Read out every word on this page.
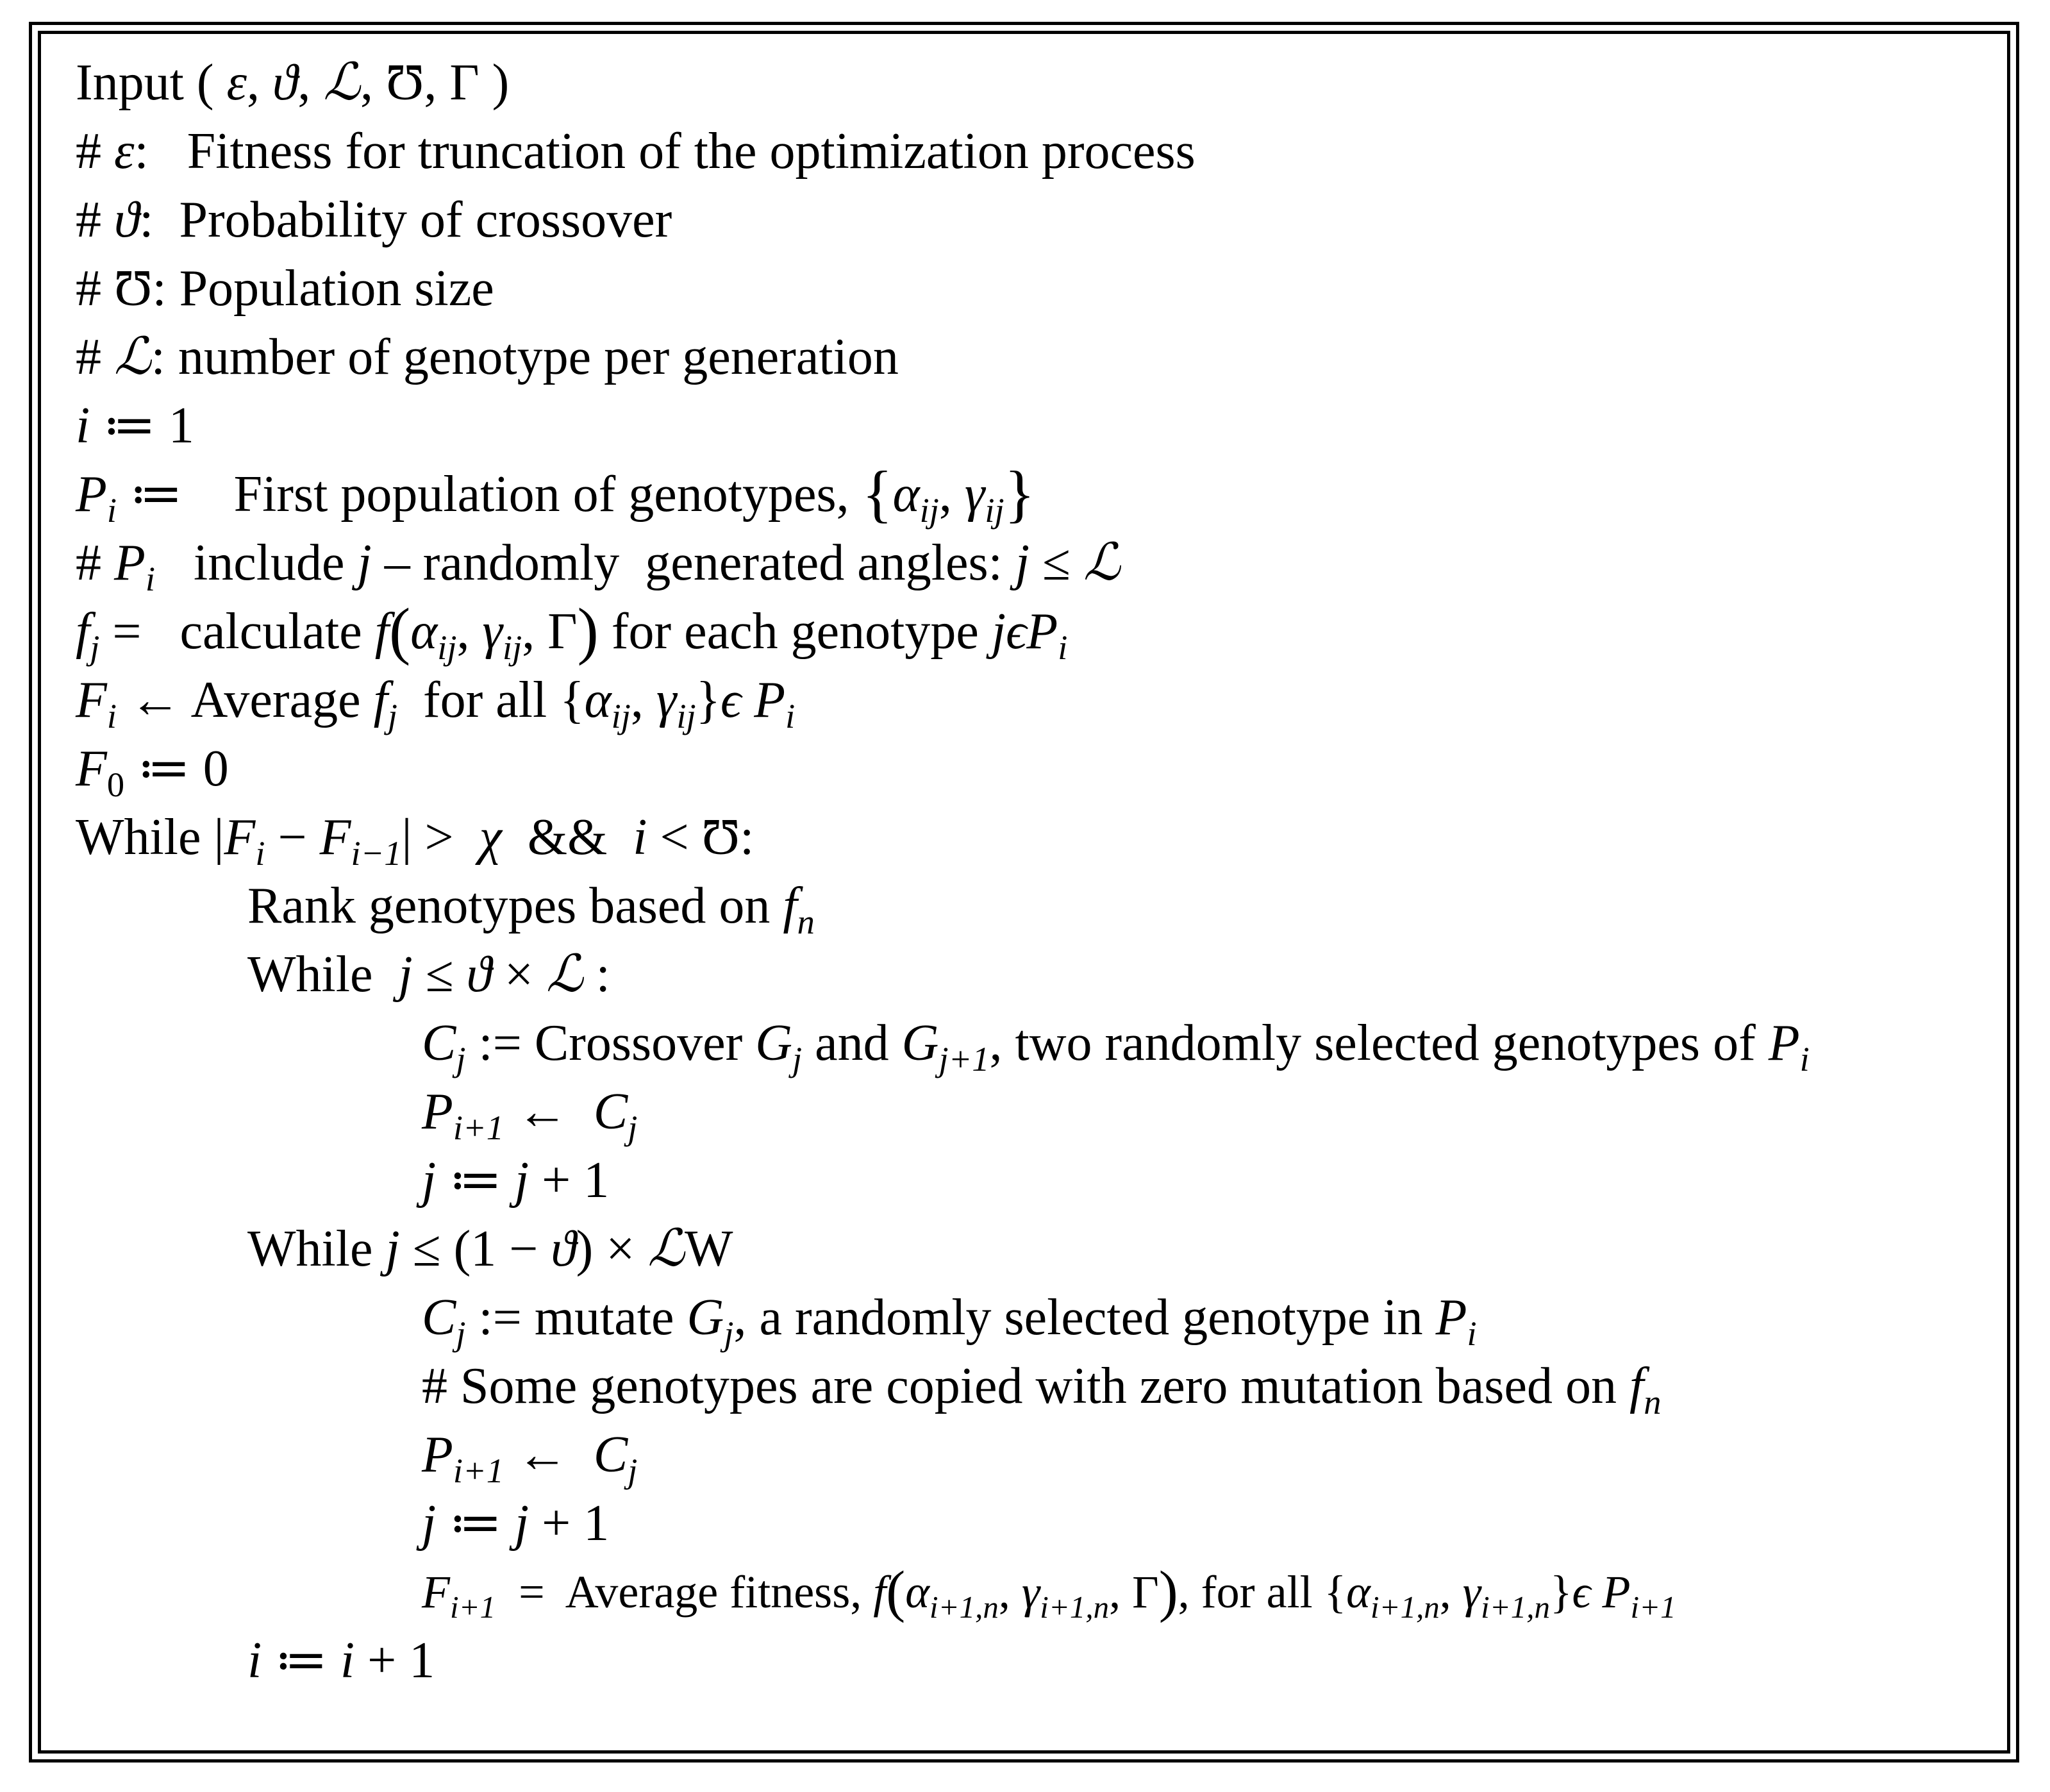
Input ( ε, ϑ, ℒ, Ʊ, Γ )
# ε:   Fitness for truncation of the optimization process
# ϑ:  Probability of crossover
# Ʊ: Population size
# ℒ: number of genotype per generation
i ≔ 1
$P_i$ ≔    First population of genotypes, {$\alpha_{ij}$, $\gamma_{ij}$}
# $P_i$   include j – randomly  generated angles: j ≤ ℒ
$f_j$ =   calculate $f(\alpha_{ij}$, $\gamma_{ij}$, Γ) for each genotype jϵP$_i$
$F_i$ ← Average $f_j$  for all {$\alpha_{ij}$, $\gamma_{ij}\}\epsilon$ $P_i$
$F_0$ ≔ 0
While $|F_i - F_{i-1}| > \chi$  &&  i < Ʊ:
Rank genotypes based on $f_n$
While  j ≤ ϑ × ℒ :
$C_j$ := Crossover $G_j$ and $G_{j+1}$, two randomly selected genotypes of $P_i$
$P_{i+1}$ ←  $C_j$
j ≔ j + 1
While j ≤ (1 − ϑ) × ℒW
$C_j$ := mutate $G_j$, a randomly selected genotype in $P_i$
# Some genotypes are copied with zero mutation based on $f_n$
$P_{i+1}$ ←  $C_j$
j ≔ j + 1
$F_{i+1}$  =  Average fitness, $f(\alpha_{i+1,n}$, $\gamma_{i+1,n}$, Γ), for all {$\alpha_{i+1,n}$, $\gamma_{i+1,n}\}\epsilon$ $P_{i+1}$
i ≔ i + 1
